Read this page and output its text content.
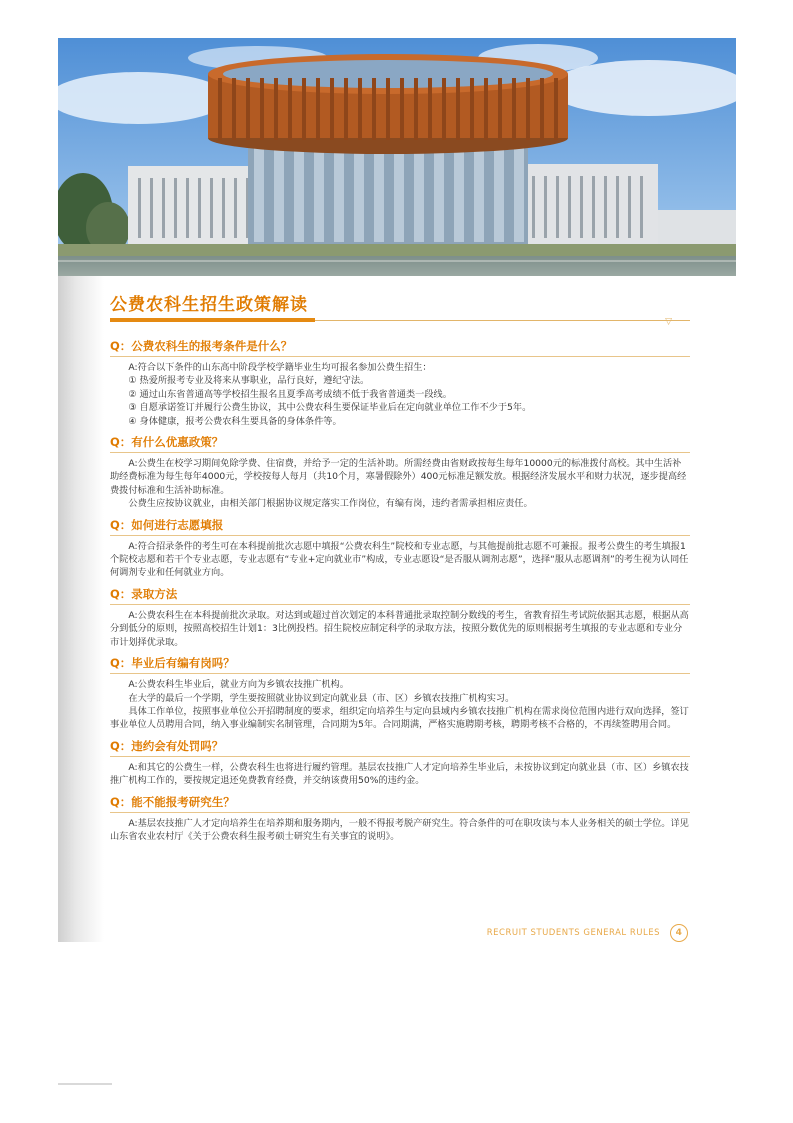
公费农科生招生政策解读
▽
Q：公费农科生的报考条件是什么？

A:符合以下条件的山东高中阶段学校学籍毕业生均可报名参加公费生招生：

① 热爱所报考专业及将来从事职业，品行良好，遵纪守法。

② 通过山东省普通高等学校招生报名且夏季高考成绩不低于我省普通类一段线。

③ 自愿承诺签订并履行公费生协议，其中公费农科生要保证毕业后在定向就业单位工作不少于5年。

④ 身体健康，报考公费农科生要具备的身体条件等。

Q：有什么优惠政策？

A:公费生在校学习期间免除学费、住宿费，并给予一定的生活补助。所需经费由省财政按每生每年10000元的标准拨付高校。其中生活补助经费标准为每生每年4000元，学校按每人每月（共10个月，寒暑假除外）400元标准足额发放。根据经济发展水平和财力状况，逐步提高经费拨付标准和生活补助标准。

公费生应按协议就业，由相关部门根据协议规定落实工作岗位，有编有岗，违约者需承担相应责任。

Q：如何进行志愿填报

A:符合招录条件的考生可在本科提前批次志愿中填报“公费农科生”院校和专业志愿，与其他提前批志愿不可兼报。报考公费生的考生填报1个院校志愿和若干个专业志愿，专业志愿有“专业+定向就业市”构成，专业志愿设“是否服从调剂志愿”，选择“服从志愿调剂”的考生视为认同任何调剂专业和任何就业方向。

Q：录取方法

A:公费农科生在本科提前批次录取。对达到或超过首次划定的本科普通批录取控制分数线的考生，省教育招生考试院依据其志愿，根据从高分到低分的原则，按照高校招生计划1：3比例投档。招生院校应制定科学的录取方法，按照分数优先的原则根据考生填报的专业志愿和专业分市计划择优录取。

Q：毕业后有编有岗吗？

A:公费农科生毕业后，就业方向为乡镇农技推广机构。

在大学的最后一个学期，学生要按照就业协议到定向就业县（市、区）乡镇农技推广机构实习。

具体工作单位，按照事业单位公开招聘制度的要求，组织定向培养生与定向县域内乡镇农技推广机构在需求岗位范围内进行双向选择，签订事业单位人员聘用合同，纳入事业编制实名制管理，合同期为5年。合同期满，严格实施聘期考核，聘期考核不合格的，不再续签聘用合同。

Q：违约会有处罚吗？

A:和其它的公费生一样，公费农科生也将进行履约管理。基层农技推广人才定向培养生毕业后，未按协议到定向就业县（市、区）乡镇农技推广机构工作的，要按规定退还免费教育经费，并交纳该费用50%的违约金。

Q：能不能报考研究生？

A:基层农技推广人才定向培养生在培养期和服务期内，一般不得报考脱产研究生。符合条件的可在职攻读与本人业务相关的硕士学位。详见山东省农业农村厅《关于公费农科生报考硕士研究生有关事宜的说明》。

RECRUIT STUDENTS GENERAL RULES	4
